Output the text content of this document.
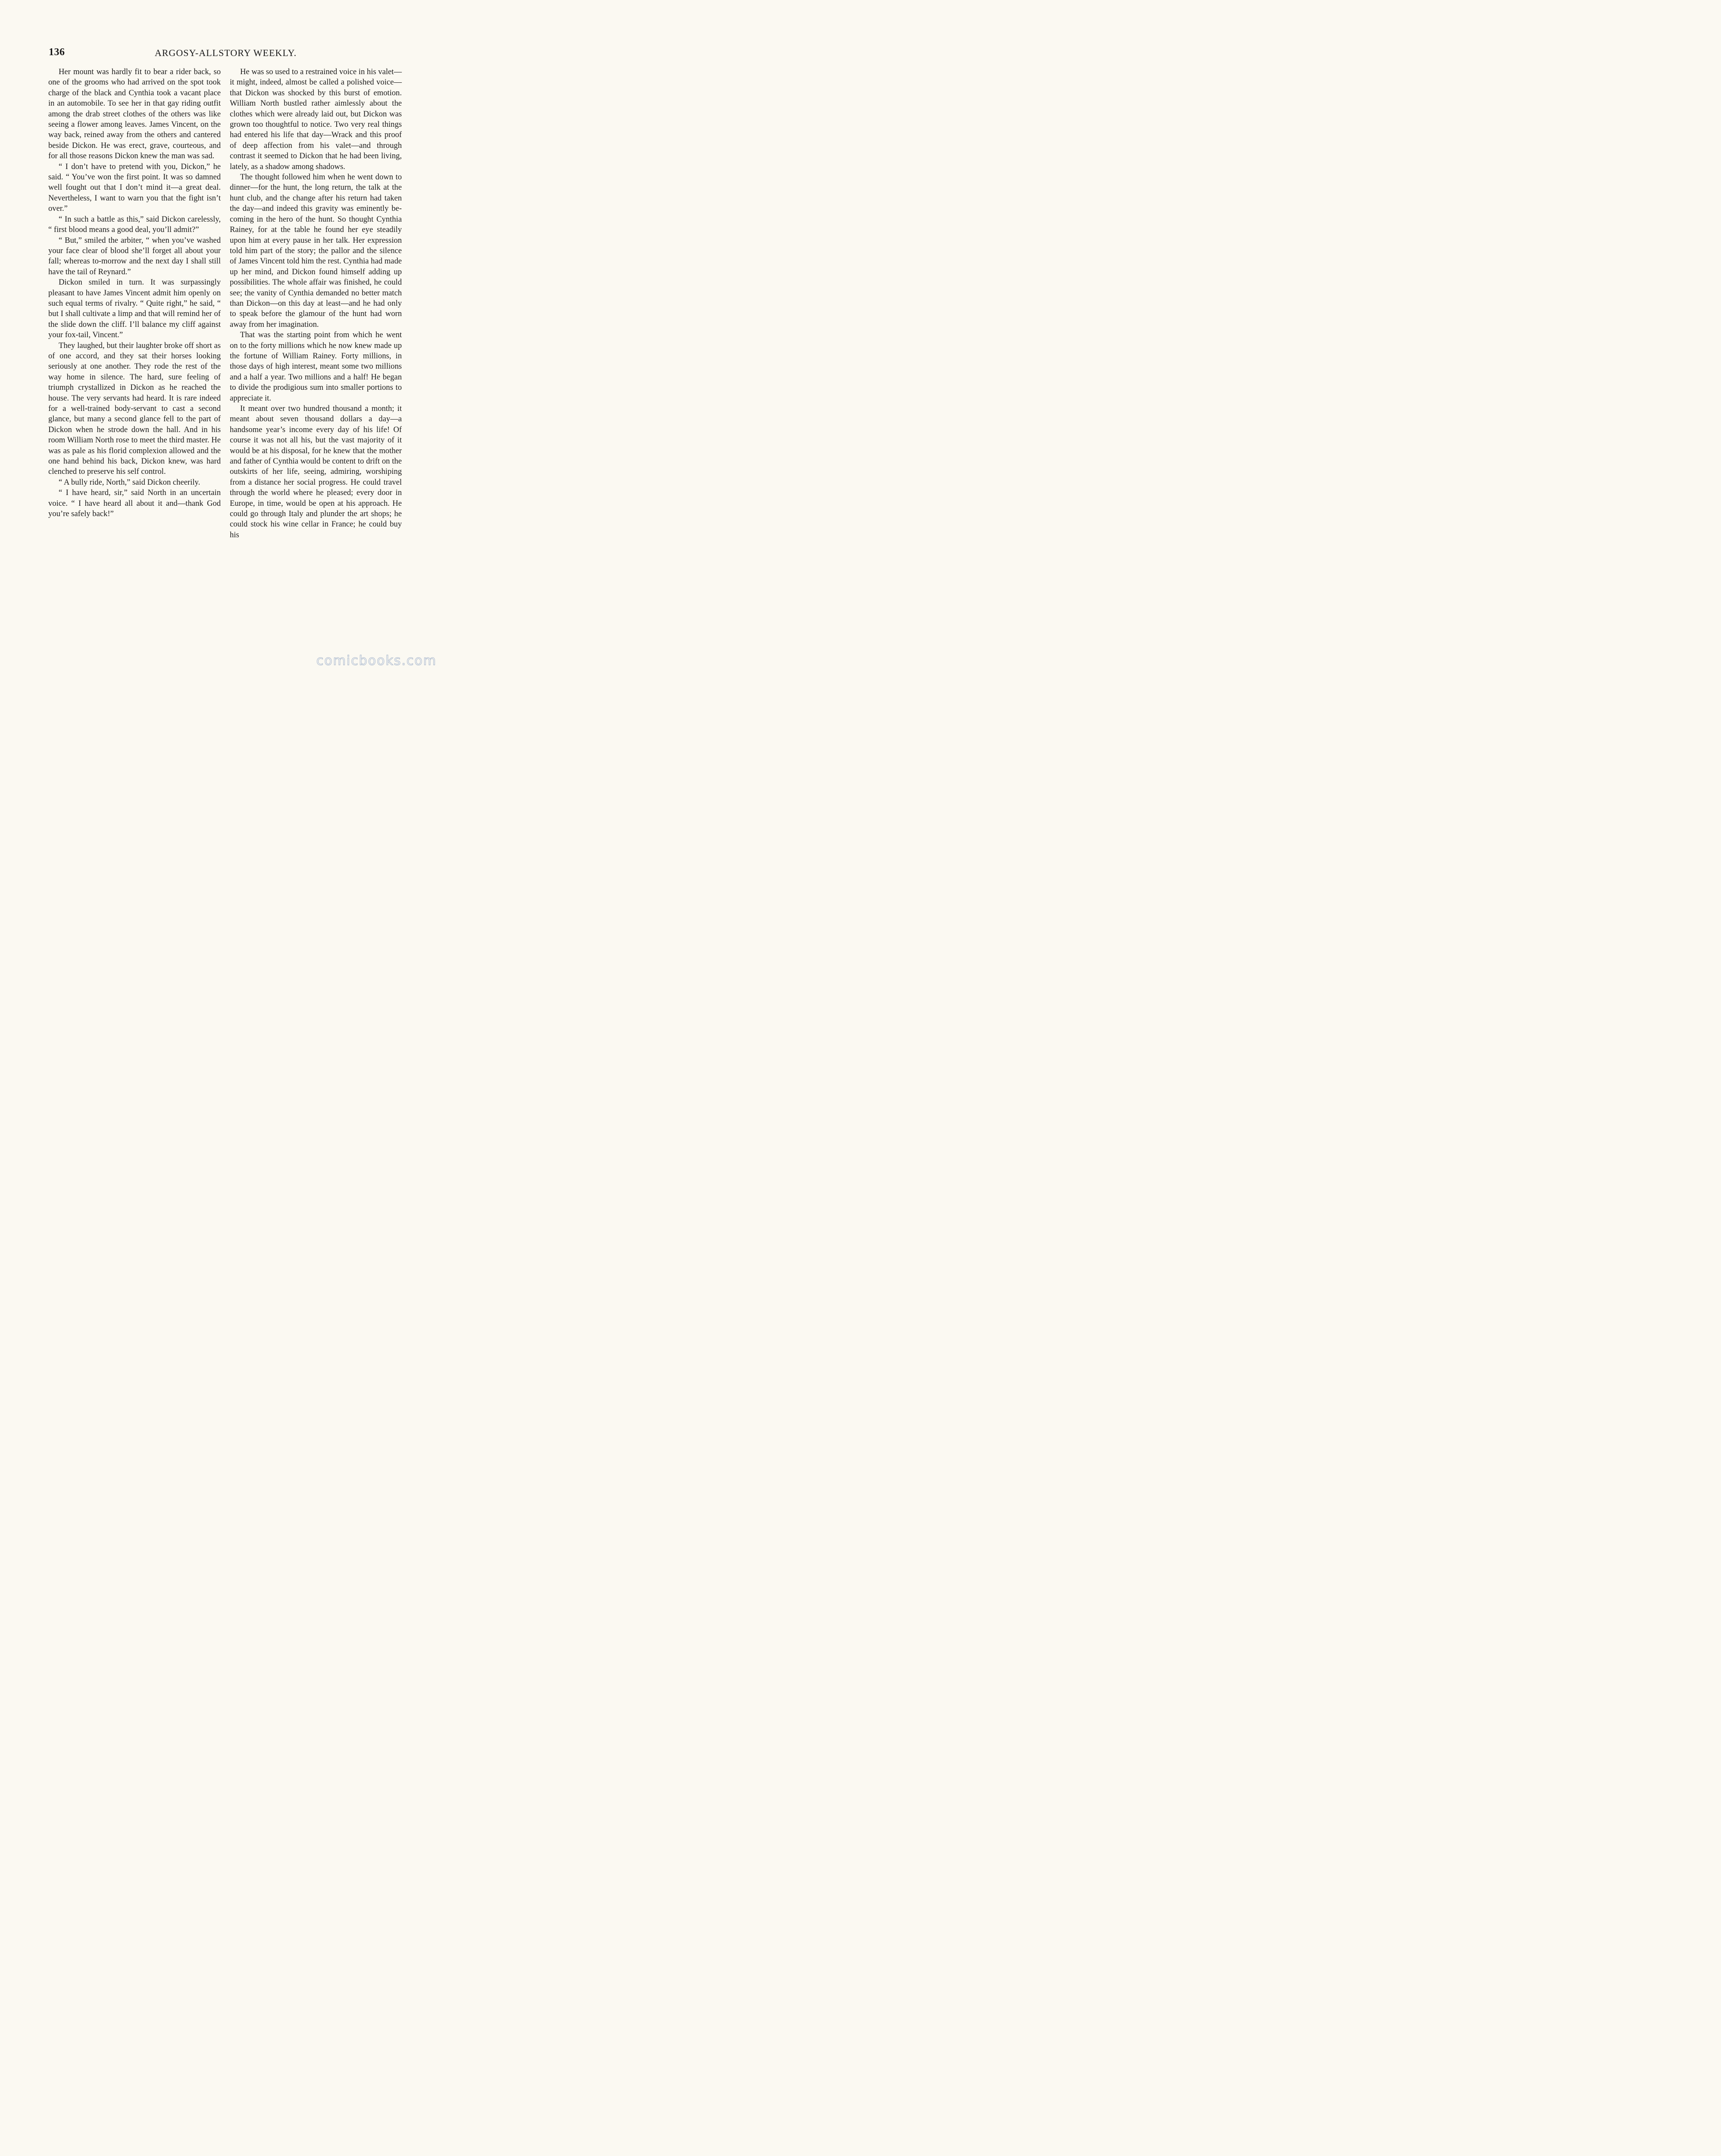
136	ARGOSY-ALLSTORY WEEKLY.

Her mount was hardly fit to bear a rider back, so one of the grooms who had arrived on the spot took charge of the black and Cynthia took a vacant place in an automobile. To see her in that gay riding outfit among the drab street clothes of the others was like seeing a flower among leaves. James Vincent, on the way back, reined away from the others and cantered beside Dickon. He was erect, grave, courteous, and for all those reasons Dickon knew the man was sad.

“ I don’t have to pretend with you, Dickon,” he said. “ You’ve won the first point. It was so damned well fought out that I don’t mind it—a great deal. Nevertheless, I want to warn you that the fight isn’t over.”

“ In such a battle as this,” said Dickon carelessly, “ first blood means a good deal, you’ll admit?”

“ But,” smiled the arbiter, “ when you’ve washed your face clear of blood she’ll forget all about your fall; whereas to-morrow and the next day I shall still have the tail of Reynard.”

Dickon smiled in turn. It was surpassingly pleasant to have James Vincent admit him openly on such equal terms of rivalry. “ Quite right,” he said, “ but I shall cultivate a limp and that will remind her of the slide down the cliff. I’ll balance my cliff against your fox-tail, Vincent.”

They laughed, but their laughter broke off short as of one accord, and they sat their horses looking seriously at one another. They rode the rest of the way home in silence. The hard, sure feeling of triumph crystallized in Dickon as he reached the house. The very servants had heard. It is rare indeed for a well-trained body-servant to cast a second glance, but many a second glance fell to the part of Dickon when he strode down the hall. And in his room William North rose to meet the third master. He was as pale as his florid complexion allowed and the one hand behind his back, Dickon knew, was hard clenched to preserve his self control.

“ A bully ride, North,” said Dickon cheerily.

“ I have heard, sir,” said North in an uncertain voice. “ I have heard all about it and—thank God you’re safely back!”

He was so used to a restrained voice in his valet—it might, indeed, almost be called a polished voice—that Dickon was shocked by this burst of emotion. William North bustled rather aimlessly about the clothes which were already laid out, but Dickon was grown too thoughtful to notice. Two very real things had entered his life that day—Wrack and this proof of deep affection from his valet—and through contrast it seemed to Dickon that he had been living, lately, as a shadow among shadows.

The thought followed him when he went down to dinner—for the hunt, the long return, the talk at the hunt club, and the change after his return had taken the day—and indeed this gravity was eminently becoming in the hero of the hunt. So thought Cynthia Rainey, for at the table he found her eye steadily upon him at every pause in her talk. Her expression told him part of the story; the pallor and the silence of James Vincent told him the rest. Cynthia had made up her mind, and Dickon found himself adding up possibilities. The whole affair was finished, he could see; the vanity of Cynthia demanded no better match than Dickon—on this day at least—and he had only to speak before the glamour of the hunt had worn away from her imagination.

That was the starting point from which he went on to the forty millions which he now knew made up the fortune of William Rainey. Forty millions, in those days of high interest, meant some two millions and a half a year. Two millions and a half! He began to divide the prodigious sum into smaller portions to appreciate it.

It meant over two hundred thousand a month; it meant about seven thousand dollars a day—a handsome year’s income every day of his life! Of course it was not all his, but the vast majority of it would be at his disposal, for he knew that the mother and father of Cynthia would be content to drift on the outskirts of her life, seeing, admiring, worshiping from a distance her social progress. He could travel through the world where he pleased; every door in Europe, in time, would be open at his approach. He could go through Italy and plunder the art shops; he could stock his wine cellar in France; he could buy his

comicbooks.com
